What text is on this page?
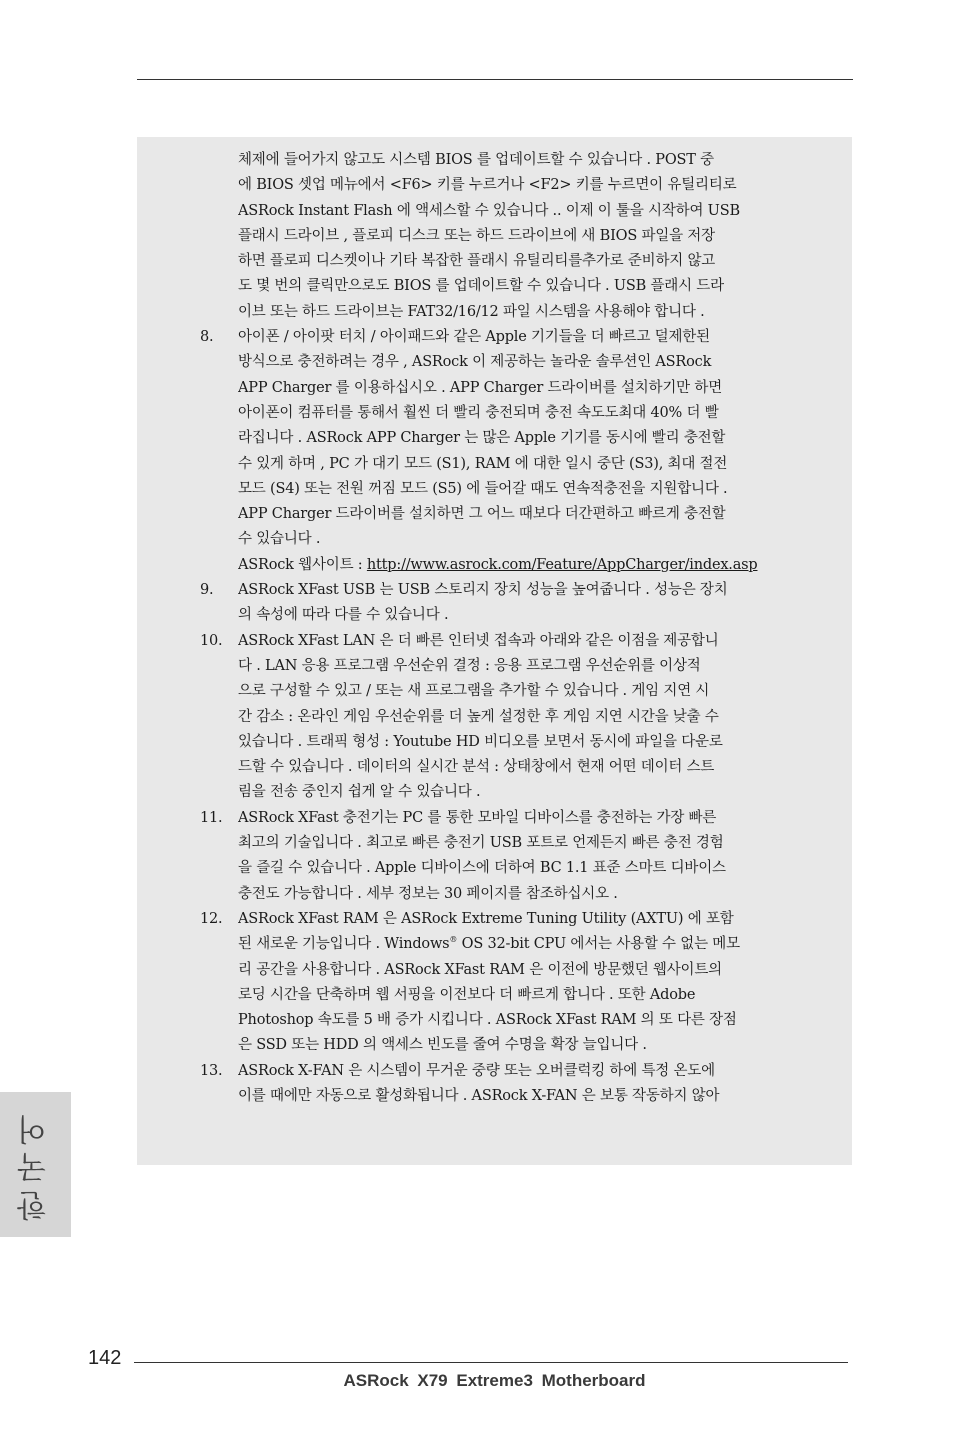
체제에 들어가지 않고도 시스템 BIOS 를 업데이트할 수 있습니다 . POST 중
에 BIOS 셋업 메뉴에서 <F6> 키를 누르거나 <F2> 키를 누르면이 유틸리티로
ASRock Instant Flash 에 액세스할 수 있습니다 .. 이제 이 툴을 시작하여 USB
플래시 드라이브 , 플로피 디스크 또는 하드 드라이브에 새 BIOS 파일을 저장
하면 플로피 디스켓이나 기타 복잡한 플래시 유틸리티를추가로 준비하지 않고
도 몇 번의 클릭만으로도 BIOS 를 업데이트할 수 있습니다 . USB 플래시 드라
이브 또는 하드 드라이브는 FAT32/16/12 파일 시스템을 사용해야 합니다 .
8.	아이폰 / 아이팟 터치 / 아이패드와 같은 Apple 기기들을 더 빠르고 덜제한된
방식으로 충전하려는 경우 , ASRock 이 제공하는 놀라운 솔루션인 ASRock
APP Charger 를 이용하십시오 . APP Charger 드라이버를 설치하기만 하면
아이폰이 컴퓨터를 통해서 훨씬 더 빨리 충전되며 충전 속도도최대 40% 더 빨
라집니다 . ASRock APP Charger 는 많은 Apple 기기를 동시에 빨리 충전할
수 있게 하며 , PC 가 대기 모드 (S1), RAM 에 대한 일시 중단 (S3), 최대 절전
모드 (S4) 또는 전원 꺼짐 모드 (S5) 에 들어갈 때도 연속적충전을 지원합니다 .
APP Charger 드라이버를 설치하면 그 어느 때보다 더간편하고 빠르게 충전할
수 있습니다 .
ASRock 웹사이트 : http://www.asrock.com/Feature/AppCharger/index.asp
9.	ASRock XFast USB 는 USB 스토리지 장치 성능을 높여줍니다 . 성능은 장치
의 속성에 따라 다를 수 있습니다 .
10.	ASRock XFast LAN 은 더 빠른 인터넷 접속과 아래와 같은 이점을 제공합니
다 . LAN 응용 프로그램 우선순위 결정 : 응용 프로그램 우선순위를 이상적
으로 구성할 수 있고 / 또는 새 프로그램을 추가할 수 있습니다 . 게임 지연 시
간 감소 : 온라인 게임 우선순위를 더 높게 설정한 후 게임 지연 시간을 낮출 수
있습니다 . 트래픽 형성 : Youtube HD 비디오를 보면서 동시에 파일을 다운로
드할 수 있습니다 . 데이터의 실시간 분석 : 상태창에서 현재 어떤 데이터 스트
림을 전송 중인지 쉽게 알 수 있습니다 .
11.	ASRock XFast 충전기는 PC 를 통한 모바일 디바이스를 충전하는 가장 빠른
최고의 기술입니다 . 최고로 빠른 충전기 USB 포트로 언제든지 빠른 충전 경험
을 즐길 수 있습니다 . Apple 디바이스에 더하여 BC 1.1 표준 스마트 디바이스
충전도 가능합니다 . 세부 정보는 30 페이지를 참조하십시오 .
12.	ASRock XFast RAM 은 ASRock Extreme Tuning Utility (AXTU) 에 포함
된 새로운 기능입니다 . Windows® OS 32-bit CPU 에서는 사용할 수 없는 메모
리 공간을 사용합니다 . ASRock XFast RAM 은 이전에 방문했던 웹사이트의
로딩 시간을 단축하며 웹 서핑을 이전보다 더 빠르게 합니다 . 또한 Adobe
Photoshop 속도를 5 배 증가 시킵니다 . ASRock XFast RAM 의 또 다른 장점
은 SSD 또는 HDD 의 액세스 빈도를 줄여 수명을 확장 늘입니다 .
13.	ASRock X-FAN 은 시스템이 무거운 중량 또는 오버클럭킹 하에 특정 온도에
이를 때에만 자동으로 활성화됩니다 . ASRock X-FAN 은 보통 작동하지 않아
한국어
142
ASRock X79 Extreme3 Motherboard
